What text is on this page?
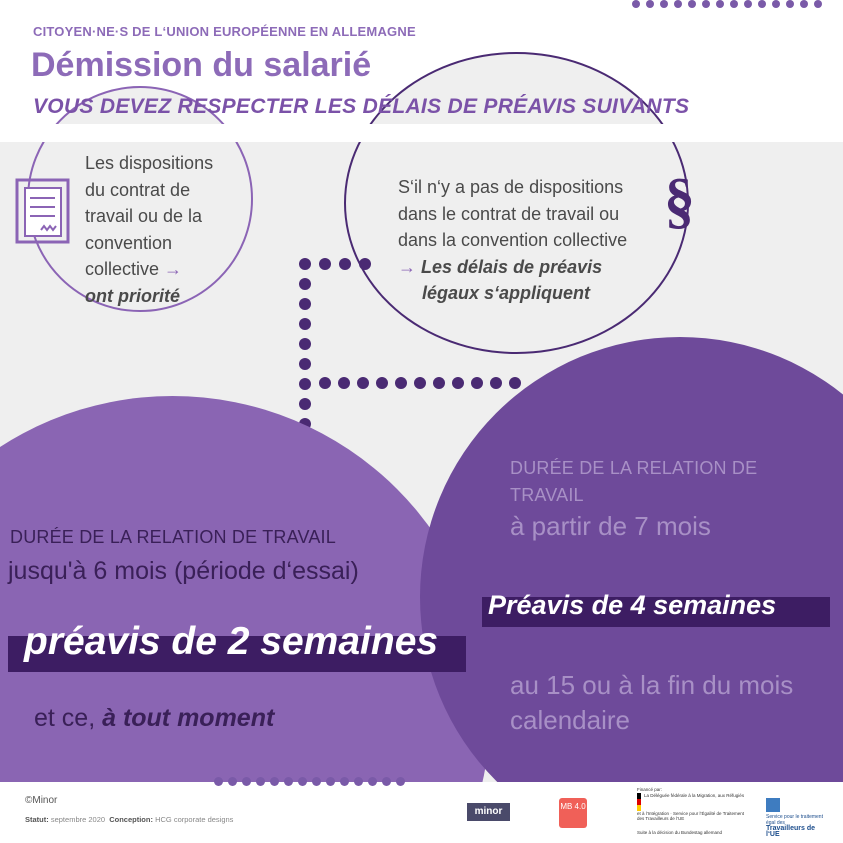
CITOYEN·NE·S DE L‘UNION EUROPÉENNE EN ALLEMAGNE
Démission du salarié
VOUS DEVEZ RESPECTER LES DÉLAIS DE PRÉAVIS SUIVANTS
Les dispositions
du contrat de
travail ou de la
convention
collective →
ont priorité
§
S‘il n‘y a pas de dispositions
dans le contrat de travail ou
dans la convention collective
→ Les délais de préavis
légaux s‘appliquent
DURÉE DE LA RELATION DE TRAVAIL
jusqu'à 6 mois (période d‘essai)
préavis de 2 semaines
et ce, à tout moment
DURÉE DE LA RELATION DE TRAVAIL
à partir de 7 mois
Préavis de 4 semaines
au 15 ou à la fin du mois calendaire
©Minor
Statut: septembre 2020 Conception: HCG corporate designs
minor	MB 4.0
Financé par:
La Déléguée fédérale à la Migration, aux Réfugiés et à l‘Intégration · Service pour l‘Égalité de Traitement des Travailleurs de l‘UE
Suite à la décision du Bundestag allemand
Service pour le traitement égal des
Travailleurs de l‘UE
